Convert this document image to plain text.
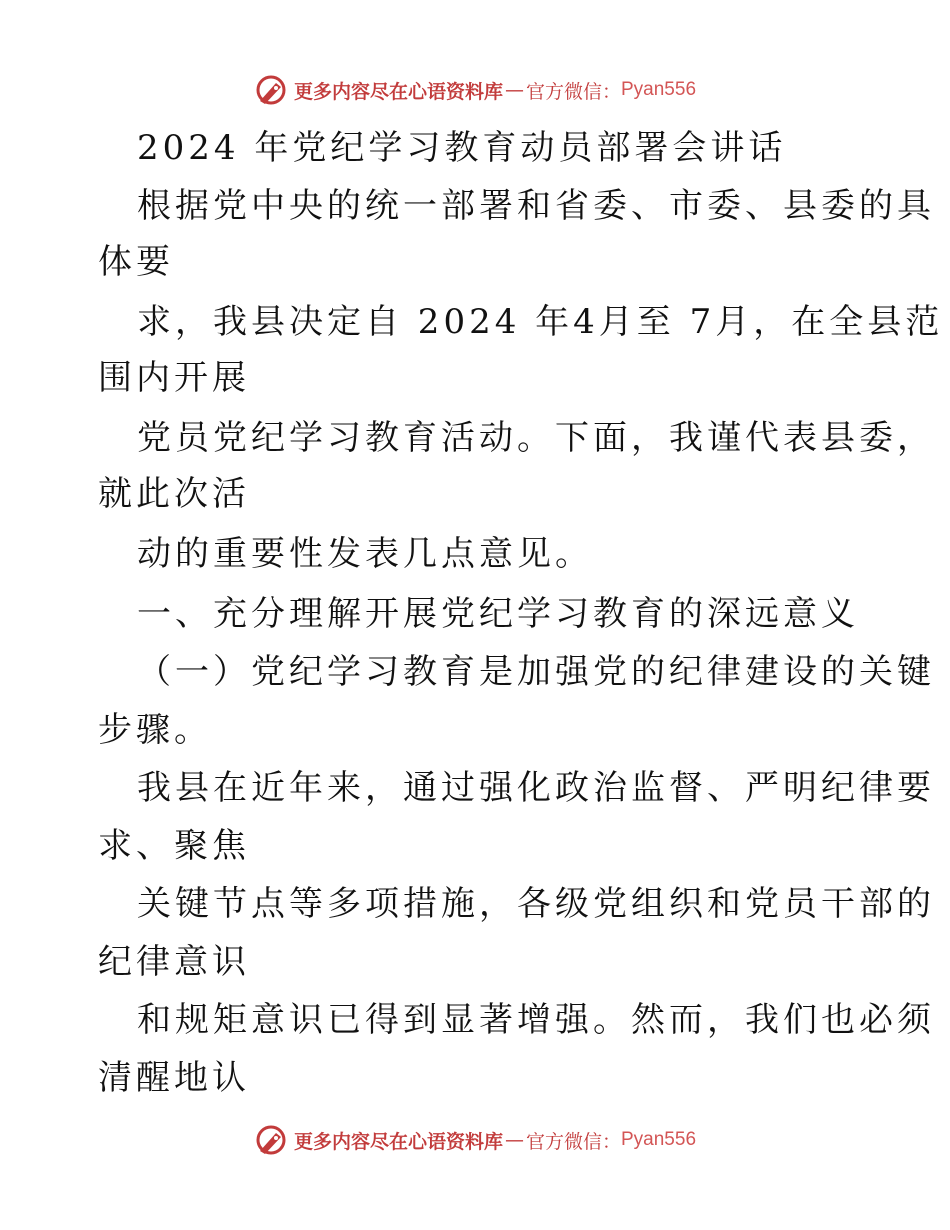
更多内容尽在心语资料库 — 官方微信： Pyan556
2024 年党纪学习教育动员部署会讲话
根据党中央的统一部署和省委、市委、县委的具
体要
求，我县决定自 2024 年4月至 7月，在全县范
围内开展
党员党纪学习教育活动。下面，我谨代表县委，
就此次活
动的重要性发表几点意见。
一、充分理解开展党纪学习教育的深远意义
（一）党纪学习教育是加强党的纪律建设的关键
步骤。
我县在近年来，通过强化政治监督、严明纪律要
求、聚焦
关键节点等多项措施，各级党组织和党员干部的
纪律意识
和规矩意识已得到显著增强。然而，我们也必须
清醒地认
更多内容尽在心语资料库 — 官方微信： Pyan556
